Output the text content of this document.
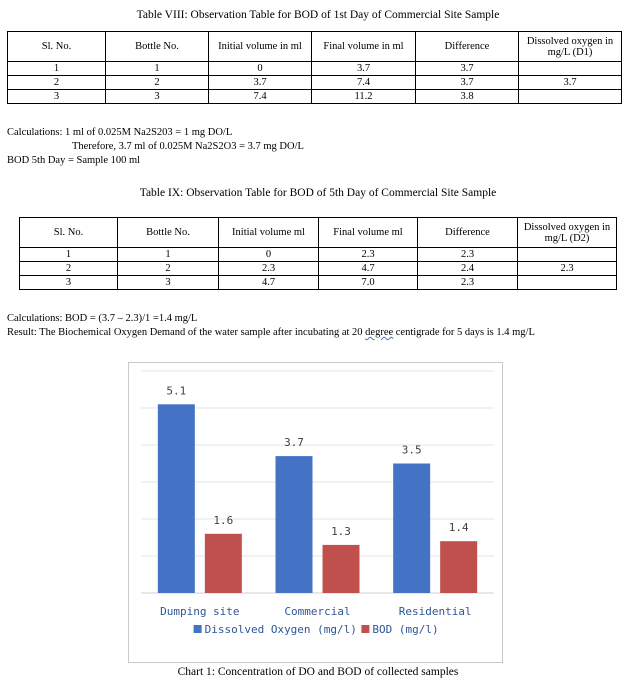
Table VIII: Observation Table for BOD of 1st Day of Commercial Site Sample
Sl. No.	Bottle No.	Initial volume in ml	Final volume in ml	Difference	Dissolved oxygen in mg/L (D1)
1	1	0	3.7	3.7	
2	2	3.7	7.4	3.7	3.7
3	3	7.4	11.2	3.8	
Calculations: 1 ml of 0.025M Na2S203 = 1 mg DO/L
Therefore, 3.7 ml of 0.025M Na2S2O3 = 3.7 mg DO/L
BOD 5th Day = Sample 100 ml
Table IX: Observation Table for BOD of 5th Day of Commercial Site Sample
Sl. No.	Bottle No.	Initial volume ml	Final volume ml	Difference	Dissolved oxygen in mg/L (D2)
1	1	0	2.3	2.3	
2	2	2.3	4.7	2.4	2.3
3	3	4.7	7.0	2.3	
Calculations: BOD = (3.7 – 2.3)/1 =1.4 mg/L
Result: The Biochemical Oxygen Demand of the water sample after incubating at 20 degree centigrade for 5 days is 1.4 mg/L
5.1
1.6
Dumping site
3.7
1.3
Commercial
3.5
1.4
Residential
Dissolved Oxygen (mg/l) BOD (mg/l)
Chart 1: Concentration of DO and BOD of collected samples
